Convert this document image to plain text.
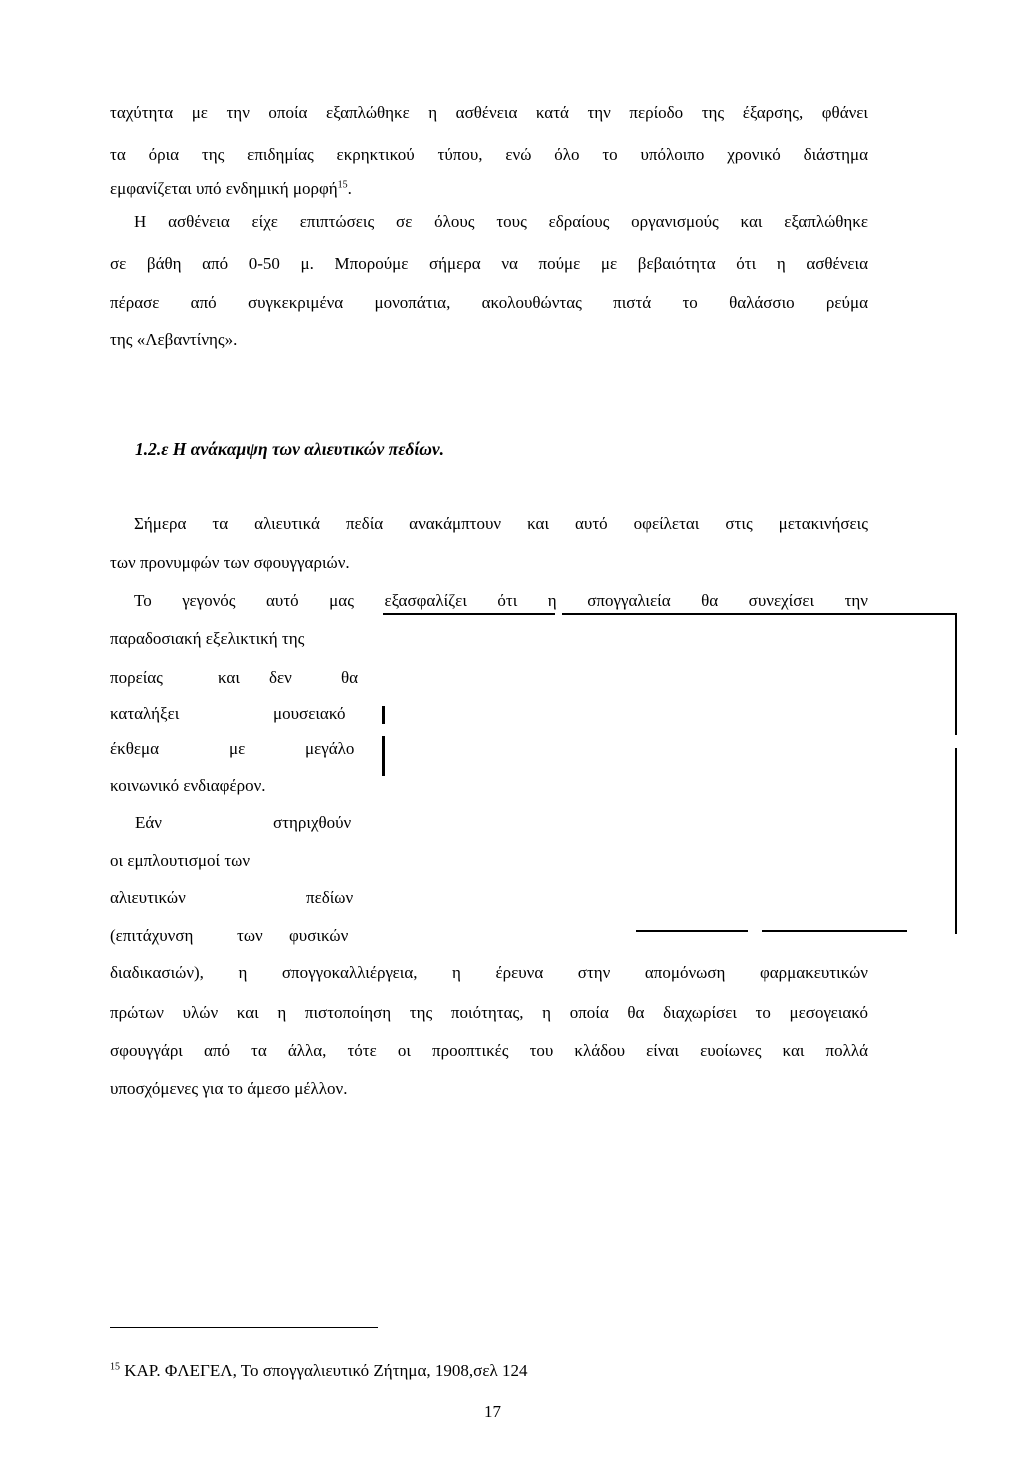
ταχύτητα με την οποία εξαπλώθηκε η ασθένεια κατά την περίοδο της έξαρσης, φθάνει

τα όρια της επιδημίας εκρηκτικού τύπου, ενώ όλο το υπόλοιπο χρονικό διάστημα

εμφανίζεται υπό ενδημική μορφή$^{15}$.

Η ασθένεια είχε επιπτώσεις σε όλους τους εδραίους οργανισμούς και εξαπλώθηκε

σε βάθη από 0-50 μ. Μπορούμε σήμερα να πούμε με βεβαιότητα ότι η ασθένεια

πέρασε από συγκεκριμένα μονοπάτια, ακολουθώντας πιστά το θαλάσσιο ρεύμα

της «Λεβαντίνης».

1.2.ε Η ανάκαμψη των αλιευτικών πεδίων.

Σήμερα τα αλιευτικά πεδία ανακάμπτουν και αυτό οφείλεται στις μετακινήσεις

των προνυμφών των σφουγγαριών.

Το γεγονός αυτό μας εξασφαλίζει ότι η σπογγαλιεία θα συνεχίσει την

παραδοσιακή εξελικτική της

πορείας	και δεν	θα
καταλήξει	μουσειακό
έκθεμα	με	μεγάλο

κοινωνικό ενδιαφέρον.

Εάν	στηριχθούν

οι εμπλουτισμοί των

αλιευτικών	πεδίων
(επιτάχυνση	των φυσικών

διαδικασιών), η σπογγοκαλλιέργεια, η έρευνα στην απομόνωση φαρμακευτικών

πρώτων υλών και η πιστοποίηση της ποιότητας, η οποία θα διαχωρίσει το μεσογειακό

σφουγγάρι από τα άλλα, τότε οι προοπτικές του κλάδου είναι ευοίωνες και πολλά

υποσχόμενες για το άμεσο μέλλον.

$^{15}$ ΚΑΡ. ΦΛΕΓΕΛ, Το σπογγαλιευτικό Ζήτημα, 1908,σελ 124
17
